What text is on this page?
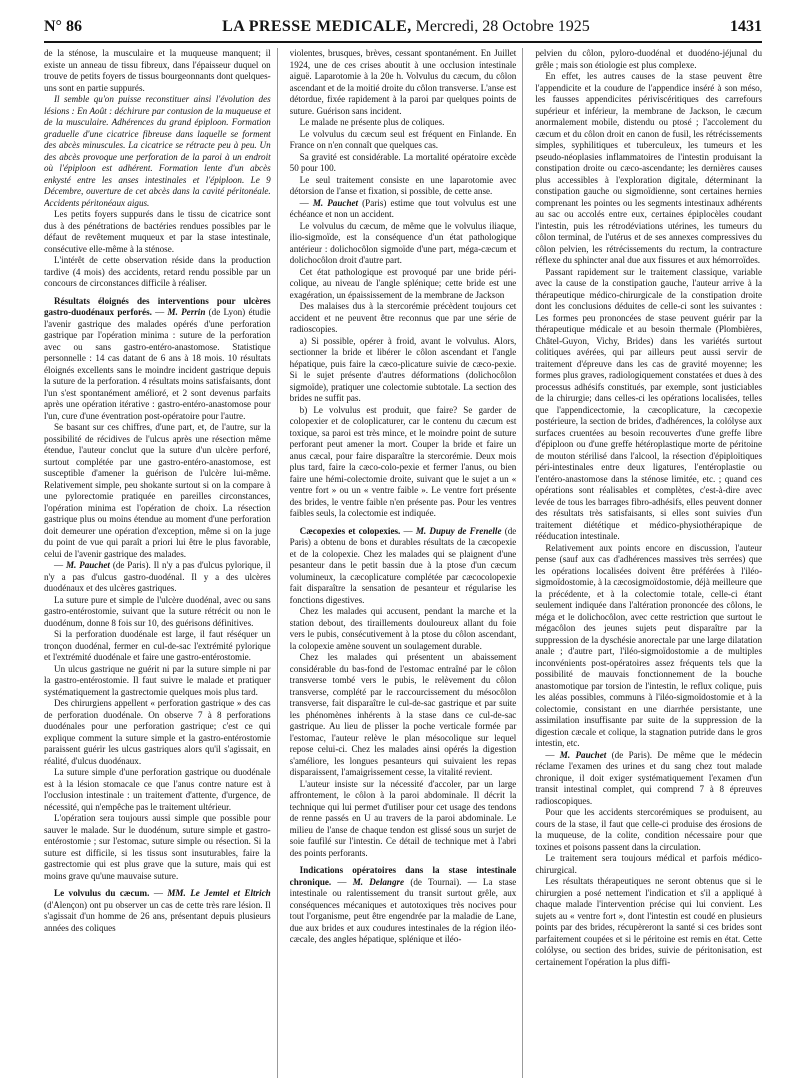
N° 86	LA PRESSE MEDICALE, Mercredi, 28 Octobre 1925	1431

de la sténose, la musculaire et la muqueuse manquent; il existe un anneau de tissu fibreux, dans l'épaisseur duquel on trouve de petits foyers de tissus bourgeonnants dont quelques-uns sont en partie suppurés.

Il semble qu'on puisse reconstituer ainsi l'évolution des lésions : En Août : déchirure par contusion de la muqueuse et de la musculaire. Adhérences du grand épiploon. Formation graduelle d'une cicatrice fibreuse dans laquelle se forment des abcès minuscules. La cicatrice se rétracte peu à peu. Un des abcès provoque une perforation de la paroi à un endroit où l'épiploon est adhérent. Formation lente d'un abcès enkysté entre les anses intestinales et l'épiploon. Le 9 Décembre, ouverture de cet abcès dans la cavité péritonéale. Accidents péritonéaux aigus.

Les petits foyers suppurés dans le tissu de cicatrice sont dus à des pénétrations de bactéries rendues possibles par le défaut de revêtement muqueux et par la stase intestinale, consécutive elle-même à la sténose.

L'intérêt de cette observation réside dans la production tardive (4 mois) des accidents, retard rendu possible par un concours de circonstances difficile à réaliser.

Résultats éloignés des interventions pour ulcères gastro-duodénaux perforés. — M. Perrin (de Lyon) étudie l'avenir gastrique des malades opérés d'une perforation gastrique par l'opération minima : suture de la perforation avec ou sans gastro-entéro-anastomose. Statistique personnelle : 14 cas datant de 6 ans à 18 mois. 10 résultats éloignés excellents sans le moindre incident gastrique depuis la suture de la perforation. 4 résultats moins satisfaisants, dont l'un s'est spontanément amélioré, et 2 sont devenus parfaits après une opération itérative : gastro-entéro-anastomose pour l'un, cure d'une éventration post-opératoire pour l'autre.

Se basant sur ces chiffres, d'une part, et, de l'autre, sur la possibilité de récidives de l'ulcus après une résection même étendue, l'auteur conclut que la suture d'un ulcère perforé, surtout complétée par une gastro-entéro-anastomose, est susceptible d'amener la guérison de l'ulcère lui-même. Relativement simple, peu shokante surtout si on la compare à une pylorectomie pratiquée en pareilles circonstances, l'opération minima est l'opération de choix. La résection gastrique plus ou moins étendue au moment d'une perforation doit demeurer une opération d'exception, même si on la juge du point de vue qui paraît a priori lui être le plus favorable, celui de l'avenir gastrique des malades.

— M. Pauchet (de Paris). Il n'y a pas d'ulcus pylorique, il n'y a pas d'ulcus gastro-duodénal. Il y a des ulcères duodénaux et des ulcères gastriques.

La suture pure et simple de l'ulcère duodénal, avec ou sans gastro-entérostomie, suivant que la suture rétrécit ou non le duodénum, donne 8 fois sur 10, des guérisons définitives.

Si la perforation duodénale est large, il faut réséquer un tronçon duodénal, fermer en cul-de-sac l'extrémité pylorique et l'extrémité duodénale et faire une gastro-entérostomie.

Un ulcus gastrique ne guérit ni par la suture simple ni par la gastro-entérostomie. Il faut suivre le malade et pratiquer systématiquement la gastrectomie quelques mois plus tard.

Des chirurgiens appellent « perforation gastrique » des cas de perforation duodénale. On observe 7 à 8 perforations duodénales pour une perforation gastrique; c'est ce qui explique comment la suture simple et la gastro-entérostomie paraissent guérir les ulcus gastriques alors qu'il s'agissait, en réalité, d'ulcus duodénaux.

La suture simple d'une perforation gastrique ou duodénale est à la lésion stomacale ce que l'anus contre nature est à l'occlusion intestinale : un traitement d'attente, d'urgence, de nécessité, qui n'empêche pas le traitement ultérieur.

L'opération sera toujours aussi simple que possible pour sauver le malade. Sur le duodénum, suture simple et gastro-entérostomie ; sur l'estomac, suture simple ou résection. Si la suture est difficile, si les tissus sont insuturables, faire la gastrectomie qui est plus grave que la suture, mais qui est moins grave qu'une mauvaise suture.

Le volvulus du cæcum. — MM. Le Jemtel et Eltrich (d'Alençon) ont pu observer un cas de cette très rare lésion. Il s'agissait d'un homme de 26 ans, présentant depuis plusieurs années des coliques

violentes, brusques, brèves, cessant spontanément. En Juillet 1924, une de ces crises aboutit à une occlusion intestinale aiguë. Laparotomie à la 20e h. Volvulus du cæcum, du côlon ascendant et de la moitié droite du côlon transverse. L'anse est détordue, fixée rapidement à la paroi par quelques points de suture. Guérison sans incident.

Le malade ne présente plus de coliques.

Le volvulus du cæcum seul est fréquent en Finlande. En France on n'en connaît que quelques cas.

Sa gravité est considérable. La mortalité opératoire excède 50 pour 100.

Le seul traitement consiste en une laparotomie avec détorsion de l'anse et fixation, si possible, de cette anse.

— M. Pauchet (Paris) estime que tout volvulus est une échéance et non un accident.

Le volvulus du cæcum, de même que le volvulus iliaque, ilio-sigmoïde, est la conséquence d'un état pathologique antérieur : dolichocôlon sigmoïde d'une part, méga-cæcum et dolichocôlon droit d'autre part.

Cet état pathologique est provoqué par une bride péri-colique, au niveau de l'angle splénique; cette bride est une exagération, un épaississement de la membrane de Jackson

Des malaises dus à la stercorémie précèdent toujours cet accident et ne peuvent être reconnus que par une série de radioscopies.

a) Si possible, opérer à froid, avant le volvulus. Alors, sectionner la bride et libérer le côlon ascendant et l'angle hépatique, puis faire la cæco-plicature suivie de cæco-pexie. Si le sujet présente d'autres déformations (dolichocôlon sigmoïde), pratiquer une colectomie subtotale. La section des brides ne suffit pas.

b) Le volvulus est produit, que faire? Se garder de colopexier et de coloplicaturer, car le contenu du cæcum est toxique, sa paroi est très mince, et le moindre point de suture perforant peut amener la mort. Couper la bride et faire un anus cæcal, pour faire disparaître la stercorémie. Deux mois plus tard, faire la cæco-colo-pexie et fermer l'anus, ou bien faire une hémi-colectomie droite, suivant que le sujet a un « ventre fort » ou un « ventre faible ». Le ventre fort présente des brides, le ventre faible n'en présente pas. Pour les ventres faibles seuls, la colectomie est indiquée.

Cæcopexies et colopexies. — M. Dupuy de Frenelle (de Paris) a obtenu de bons et durables résultats de la cæcopexie et de la colopexie. Chez les malades qui se plaignent d'une pesanteur dans le petit bassin due à la ptose d'un cæcum volumineux, la cæcoplicature complétée par cæcocolopexie fait disparaître la sensation de pesanteur et régularise les fonctions digestives.

Chez les malades qui accusent, pendant la marche et la station debout, des tiraillements douloureux allant du foie vers le pubis, consécutivement à la ptose du côlon ascendant, la colopexie amène souvent un soulagement durable.

Chez les malades qui présentent un abaissement considérable du bas-fond de l'estomac entraîné par le côlon transverse tombé vers le pubis, le relèvement du côlon transverse, complété par le raccourcissement du mésocôlon transverse, fait disparaître le cul-de-sac gastrique et par suite les phénomènes inhérents à la stase dans ce cul-de-sac gastrique. Au lieu de plisser la poche verticale formée par l'estomac, l'auteur relève le plan mésocolique sur lequel repose celui-ci. Chez les malades ainsi opérés la digestion s'améliore, les longues pesanteurs qui suivaient les repas disparaissent, l'amaigrissement cesse, la vitalité revient.

L'auteur insiste sur la nécessité d'accoler, par un large affrontement, le côlon à la paroi abdominale. Il décrit la technique qui lui permet d'utiliser pour cet usage des tendons de renne passés en U au travers de la paroi abdominale. Le milieu de l'anse de chaque tendon est glissé sous un surjet de soie faufilé sur l'intestin. Ce détail de technique met à l'abri des points perforants.

Indications opératoires dans la stase intestinale chronique. — M. Delangre (de Tournai). — La stase intestinale ou ralentissement du transit surtout grêle, aux conséquences mécaniques et autotoxiques très nocives pour tout l'organisme, peut être engendrée par la maladie de Lane, due aux brides et aux coudures intestinales de la région iléo-cæcale, des angles hépatique, splénique et iléo-

pelvien du côlon, pyloro-duodénal et duodéno-jéjunal du grêle ; mais son étiologie est plus complexe.

En effet, les autres causes de la stase peuvent être l'appendicite et la coudure de l'appendice inséré à son méso, les fausses appendicites périviscéritiques des carrefours supérieur et inférieur, la membrane de Jackson, le cæcum anormalement mobile, distendu ou ptosé ; l'accolement du cæcum et du côlon droit en canon de fusil, les rétrécissements simples, syphilitiques et tuberculeux, les tumeurs et les pseudo-néoplasies inflammatoires de l'intestin produisant la constipation droite ou cæco-ascendante; les dernières causes plus accessibles à l'exploration digitale, déterminant la constipation gauche ou sigmoïdienne, sont certaines hernies comprenant les pointes ou les segments intestinaux adhérents au sac ou accolés entre eux, certaines épiplocèles coudant l'intestin, puis les rétrodéviations utérines, les tumeurs du côlon terminal, de l'utérus et de ses annexes compressives du côlon pelvien, les rétrécissements du rectum, la contracture réflexe du sphincter anal due aux fissures et aux hémorroïdes.

Passant rapidement sur le traitement classique, variable avec la cause de la constipation gauche, l'auteur arrive à la thérapeutique médico-chirurgicale de la constipation droite dont les conclusions déduites de celle-ci sont les suivantes : Les formes peu prononcées de stase peuvent guérir par la thérapeutique médicale et au besoin thermale (Plombières, Châtel-Guyon, Vichy, Brides) dans les variétés surtout colitiques avérées, qui par ailleurs peut aussi servir de traitement d'épreuve dans les cas de gravité moyenne; les formes plus graves, radiologiquement constatées et dues à des processus adhésifs constitués, par exemple, sont justiciables de la chirurgie; dans celles-ci les opérations localisées, telles que l'appendicectomie, la cæcoplicature, la cæcopexie postérieure, la section de brides, d'adhérences, la colólyse aux surfaces cruentées au besoin recouvertes d'une greffe libre d'épiploon ou d'une greffe hétéroplastique morte de péritoine de mouton stérilisé dans l'alcool, la résection d'épiploïtiques péri-intestinales entre deux ligatures, l'entéroplastie ou l'entéro-anastomose dans la sténose limitée, etc. ; quand ces opérations sont réalisables et complètes, c'est-à-dire avec levée de tous les barrages fibro-adhésifs, elles peuvent donner des résultats très satisfaisants, si elles sont suivies d'un traitement diététique et médico-physiothérapique de rééducation intestinale.

Relativement aux points encore en discussion, l'auteur pense (sauf aux cas d'adhérences massives très serrées) que les opérations localisées doivent être préférées à l'iléo-sigmoïdostomie, à la cæcosigmoïdostomie, déjà meilleure que la précédente, et à la colectomie totale, celle-ci étant seulement indiquée dans l'altération prononcée des côlons, le méga et le dolichocôlon, avec cette restriction que surtout le mégacôlon des jeunes sujets peut disparaître par la suppression de la dyschésie anorectale par une large dilatation anale ; d'autre part, l'iléo-sigmoïdostomie a de multiples inconvénients post-opératoires assez fréquents tels que la possibilité de mauvais fonctionnement de la bouche anastomotique par torsion de l'intestin, le reflux colique, puis les aléas possibles, communs à l'iléo-sigmoïdostomie et à la colectomie, consistant en une diarrhée persistante, une assimilation insuffisante par suite de la suppression de la digestion cæcale et colique, la stagnation putride dans le gros intestin, etc.

— M. Pauchet (de Paris). De même que le médecin réclame l'examen des urines et du sang chez tout malade chronique, il doit exiger systématiquement l'examen d'un transit intestinal complet, qui comprend 7 à 8 épreuves radioscopiques.

Pour que les accidents stercorémiques se produisent, au cours de la stase, il faut que celle-ci produise des érosions de la muqueuse, de la colite, condition nécessaire pour que toxines et poisons passent dans la circulation.

Le traitement sera toujours médical et parfois médico-chirurgical.

Les résultats thérapeutiques ne seront obtenus que si le chirurgien a posé nettement l'indication et s'il a appliqué à chaque malade l'intervention précise qui lui convient. Les sujets au « ventre fort », dont l'intestin est coudé en plusieurs points par des brides, récupèreront la santé si ces brides sont parfaitement coupées et si le péritoine est remis en état. Cette colólyse, ou section des brides, suivie de péritonisation, est certainement l'opération la plus diffi-
